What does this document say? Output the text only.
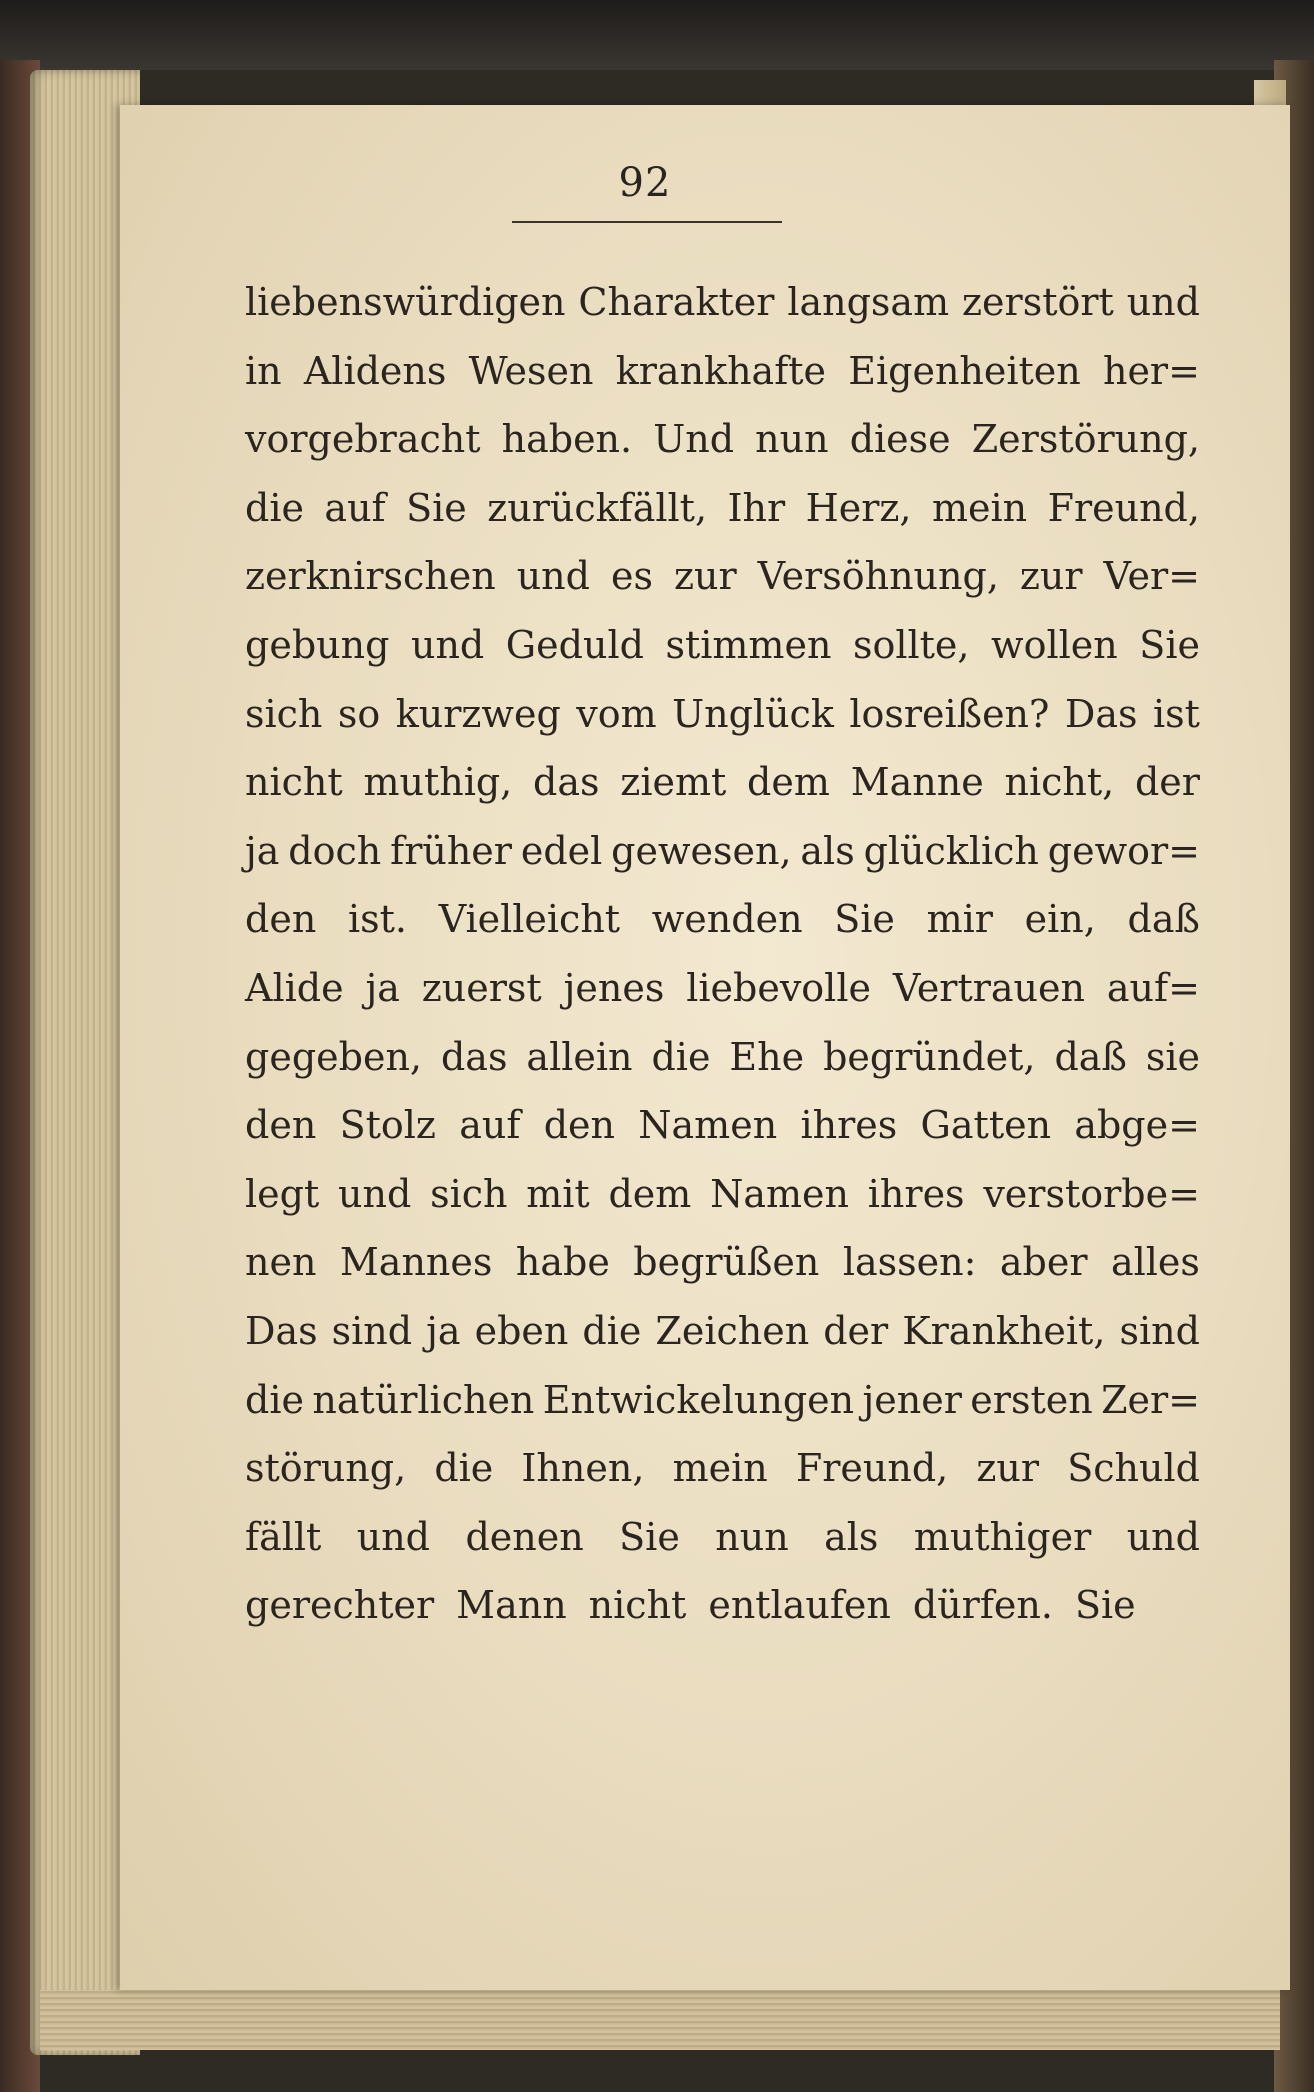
92
liebenswürdigen Charakter langsam zerstört und
in Alidens Wesen krankhafte Eigenheiten her=
vorgebracht haben. Und nun diese Zerstörung,
die auf Sie zurückfällt, Ihr Herz, mein Freund,
zerknirschen und es zur Versöhnung, zur Ver=
gebung und Geduld stimmen sollte, wollen Sie
sich so kurzweg vom Unglück losreißen? Das ist
nicht muthig, das ziemt dem Manne nicht, der
ja doch früher edel gewesen, als glücklich gewor=
den ist. Vielleicht wenden Sie mir ein, daß
Alide ja zuerst jenes liebevolle Vertrauen auf=
gegeben, das allein die Ehe begründet, daß sie
den Stolz auf den Namen ihres Gatten abge=
legt und sich mit dem Namen ihres verstorbe=
nen Mannes habe begrüßen lassen: aber alles
Das sind ja eben die Zeichen der Krankheit, sind
die natürlichen Entwickelungen jener ersten Zer=
störung, die Ihnen, mein Freund, zur Schuld
fällt und denen Sie nun als muthiger und
gerechter Mann nicht entlaufen dürfen. Sie
